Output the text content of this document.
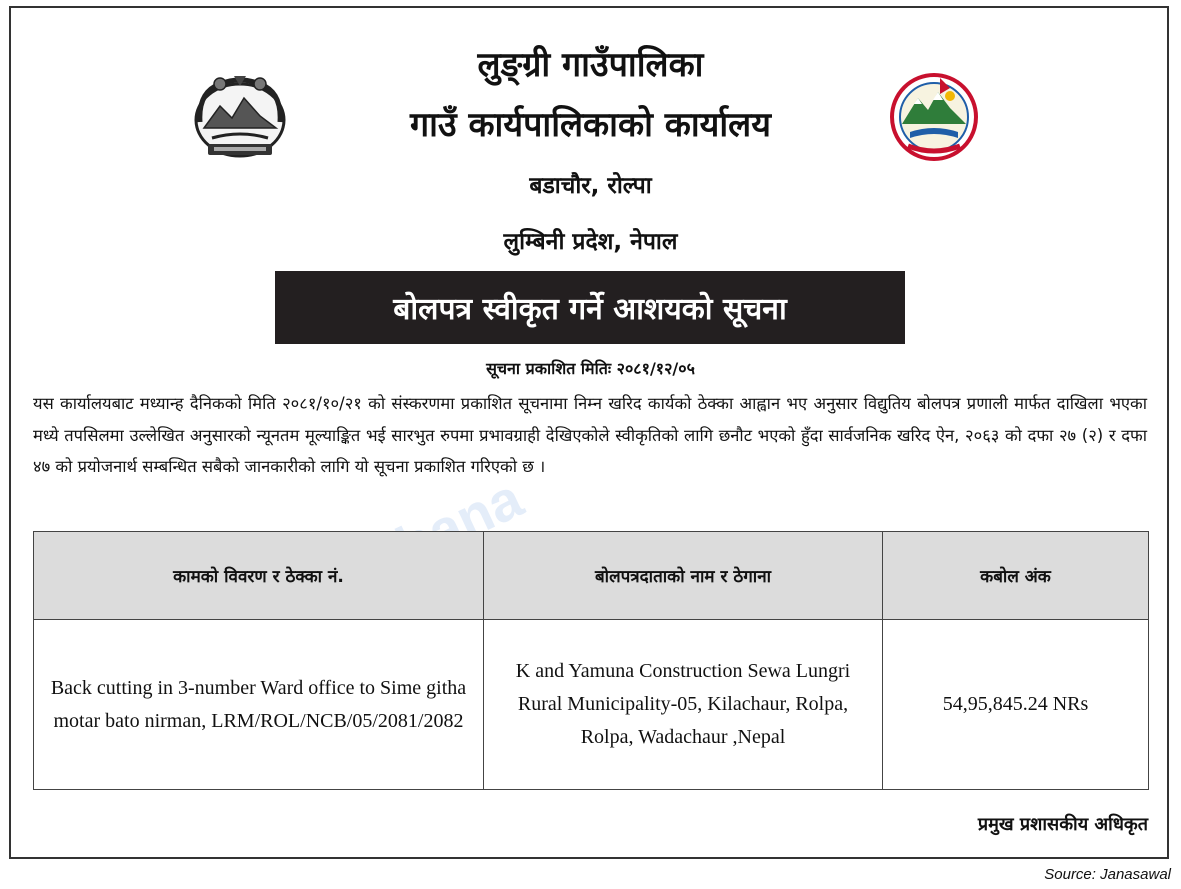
लुङ्ग्री गाउँपालिका
गाउँ कार्यपालिकाको कार्यालय
बडाचौर, रोल्पा
लुम्बिनी प्रदेश, नेपाल
बोलपत्र स्वीकृत गर्ने आशयको सूचना
सूचना प्रकाशित मितिः २०८१/१२/०५
यस कार्यालयबाट मध्यान्ह दैनिकको मिति २०८१/१०/२१ को संस्करणमा प्रकाशित सूचनामा निम्न खरिद कार्यको ठेक्का आह्वान भए अनुसार विद्युतिय बोलपत्र प्रणाली मार्फत दाखिला भएका मध्ये तपसिलमा उल्लेखित अनुसारको न्यूनतम मूल्याङ्कित भई सारभुत रुपमा प्रभावग्राही देखिएकोले स्वीकृतिको लागि छनौट भएको हुँदा सार्वजनिक खरिद ऐन, २०६३ को दफा २७ (२) र दफा ४७ को प्रयोजनार्थ सम्बन्धित सबैको जानकारीको लागि यो सूचना प्रकाशित गरिएको छ ।
कामको विवरण र ठेक्का नं.	बोलपत्रदाताको नाम र ठेगाना	कबोल अंक
Back cutting in 3-number Ward office to Sime githa motar bato nirman, LRM/ROL/NCB/05/2081/2082	K and Yamuna Construction Sewa Lungri Rural Municipality-05, Kilachaur, Rolpa, Rolpa, Wadachaur ,Nepal	54,95,845.24 NRs
प्रमुख प्रशासकीय अधिकृत
Source: Janasawal
